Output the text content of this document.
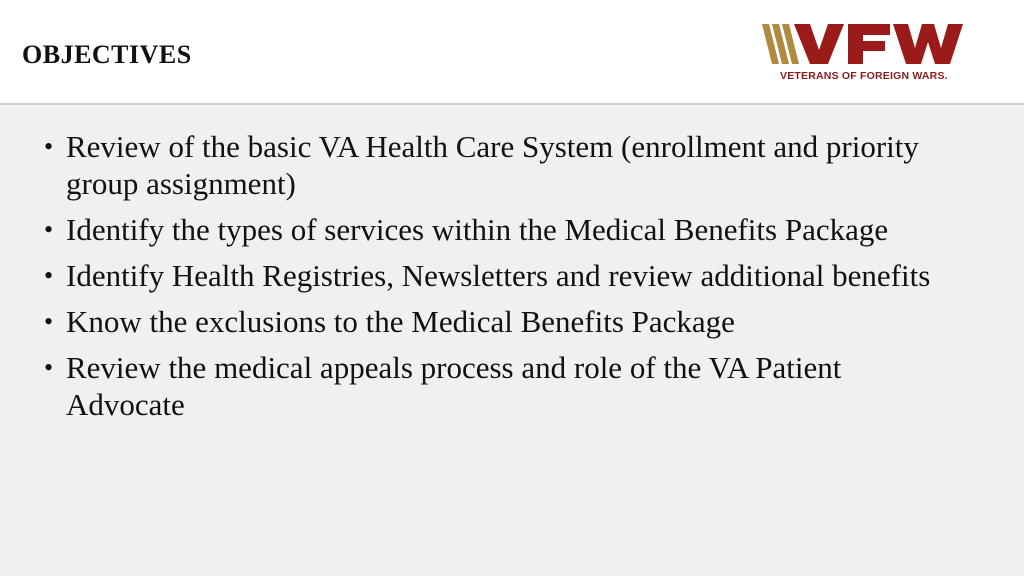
OBJECTIVES
VETERANS OF FOREIGN WARS.
• Review of the basic VA Health Care System (enrollment and priority group assignment)
• Identify the types of services within the Medical Benefits Package
• Identify Health Registries, Newsletters and review additional benefits
• Know the exclusions to the Medical Benefits Package
• Review the medical appeals process and role of the VA Patient Advocate
